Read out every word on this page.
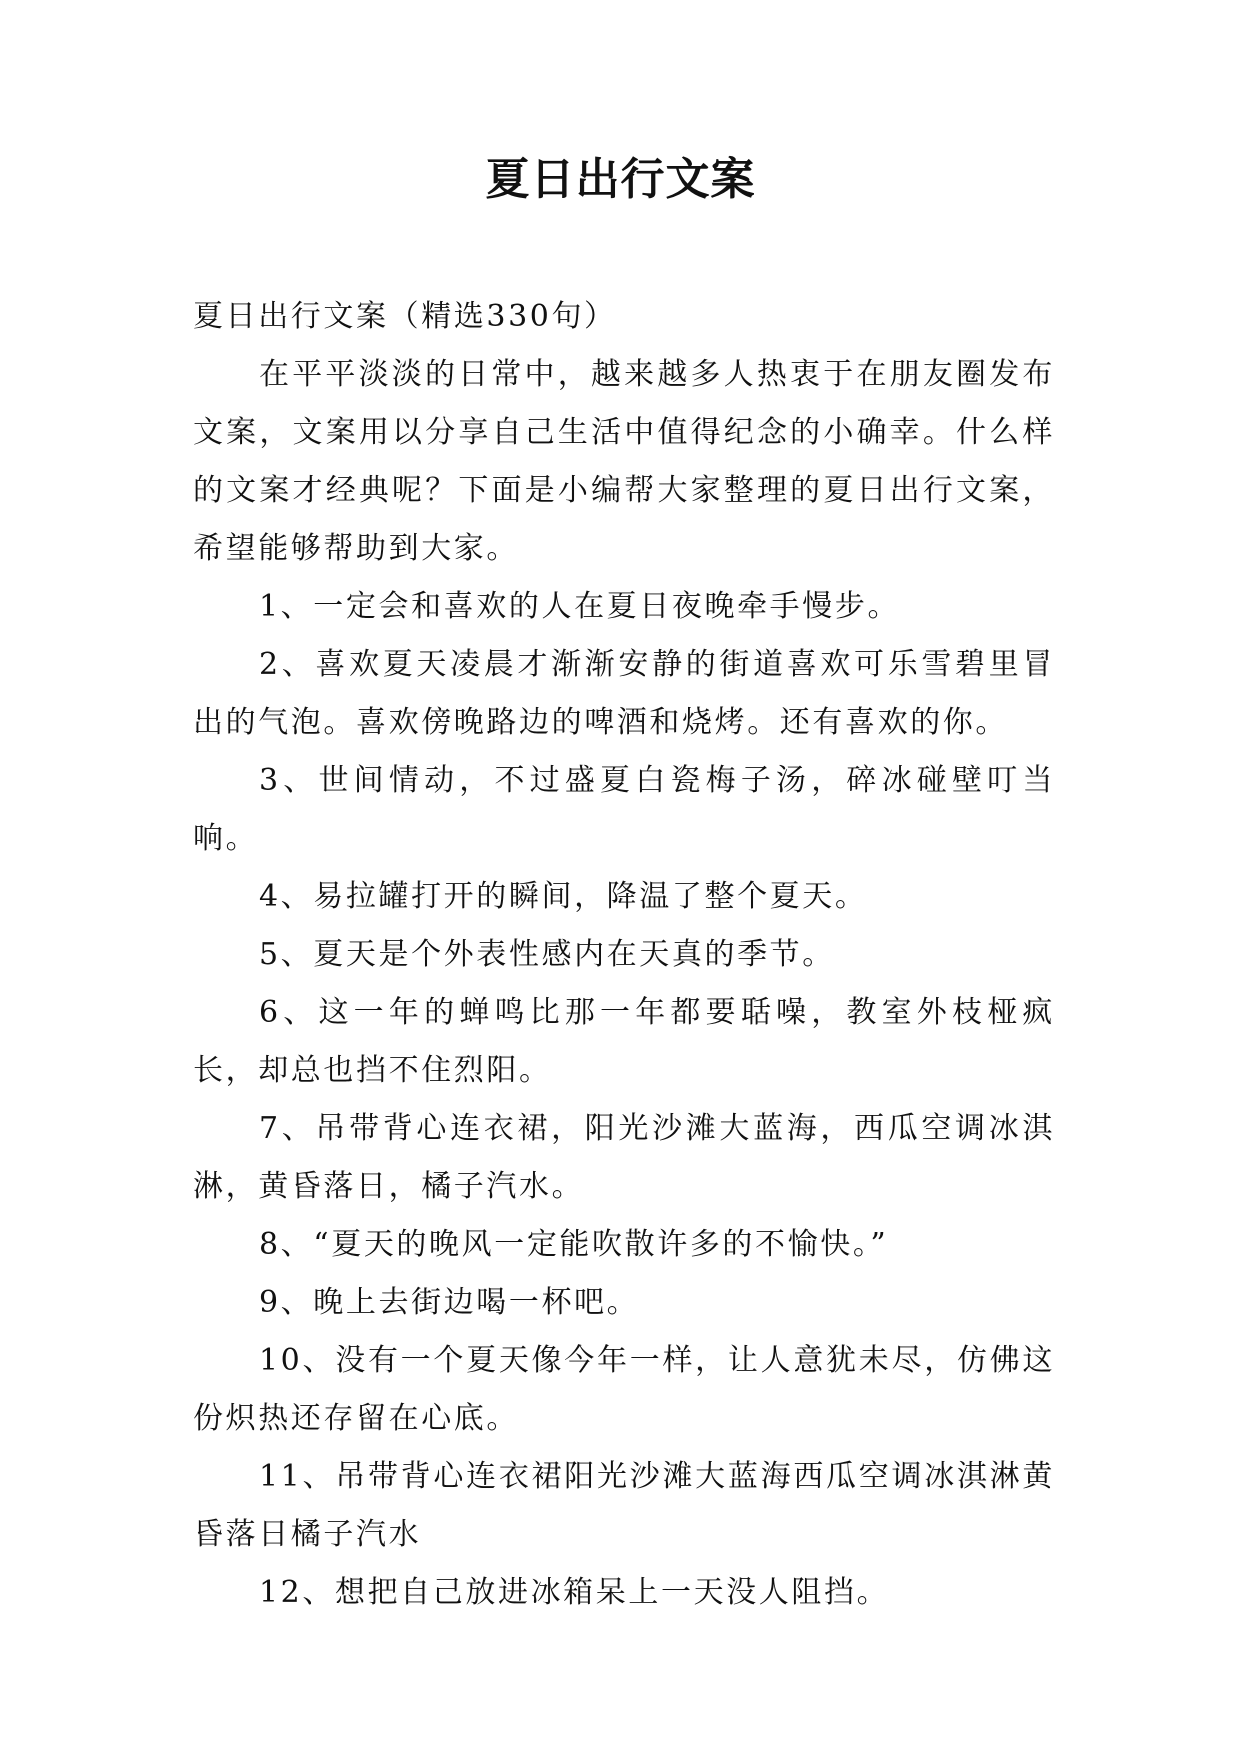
夏日出行文案

夏日出行文案（精选330句）

在平平淡淡的日常中，越来越多人热衷于在朋友圈发布文案，文案用以分享自己生活中值得纪念的小确幸。什么样的文案才经典呢？下面是小编帮大家整理的夏日出行文案，希望能够帮助到大家。

1、一定会和喜欢的人在夏日夜晚牵手慢步。

2、喜欢夏天凌晨才渐渐安静的街道喜欢可乐雪碧里冒出的气泡。喜欢傍晚路边的啤酒和烧烤。还有喜欢的你。

3、世间情动，不过盛夏白瓷梅子汤，碎冰碰壁叮当响。

4、易拉罐打开的瞬间，降温了整个夏天。

5、夏天是个外表性感内在天真的季节。

6、这一年的蝉鸣比那一年都要聒噪，教室外枝桠疯长，却总也挡不住烈阳。

7、吊带背心连衣裙，阳光沙滩大蓝海，西瓜空调冰淇淋，黄昏落日，橘子汽水。

8、“夏天的晚风一定能吹散许多的不愉快。”

9、晚上去街边喝一杯吧。

10、没有一个夏天像今年一样，让人意犹未尽，仿佛这份炽热还存留在心底。

11、吊带背心连衣裙阳光沙滩大蓝海西瓜空调冰淇淋黄昏落日橘子汽水

12、想把自己放进冰箱呆上一天没人阻挡。
